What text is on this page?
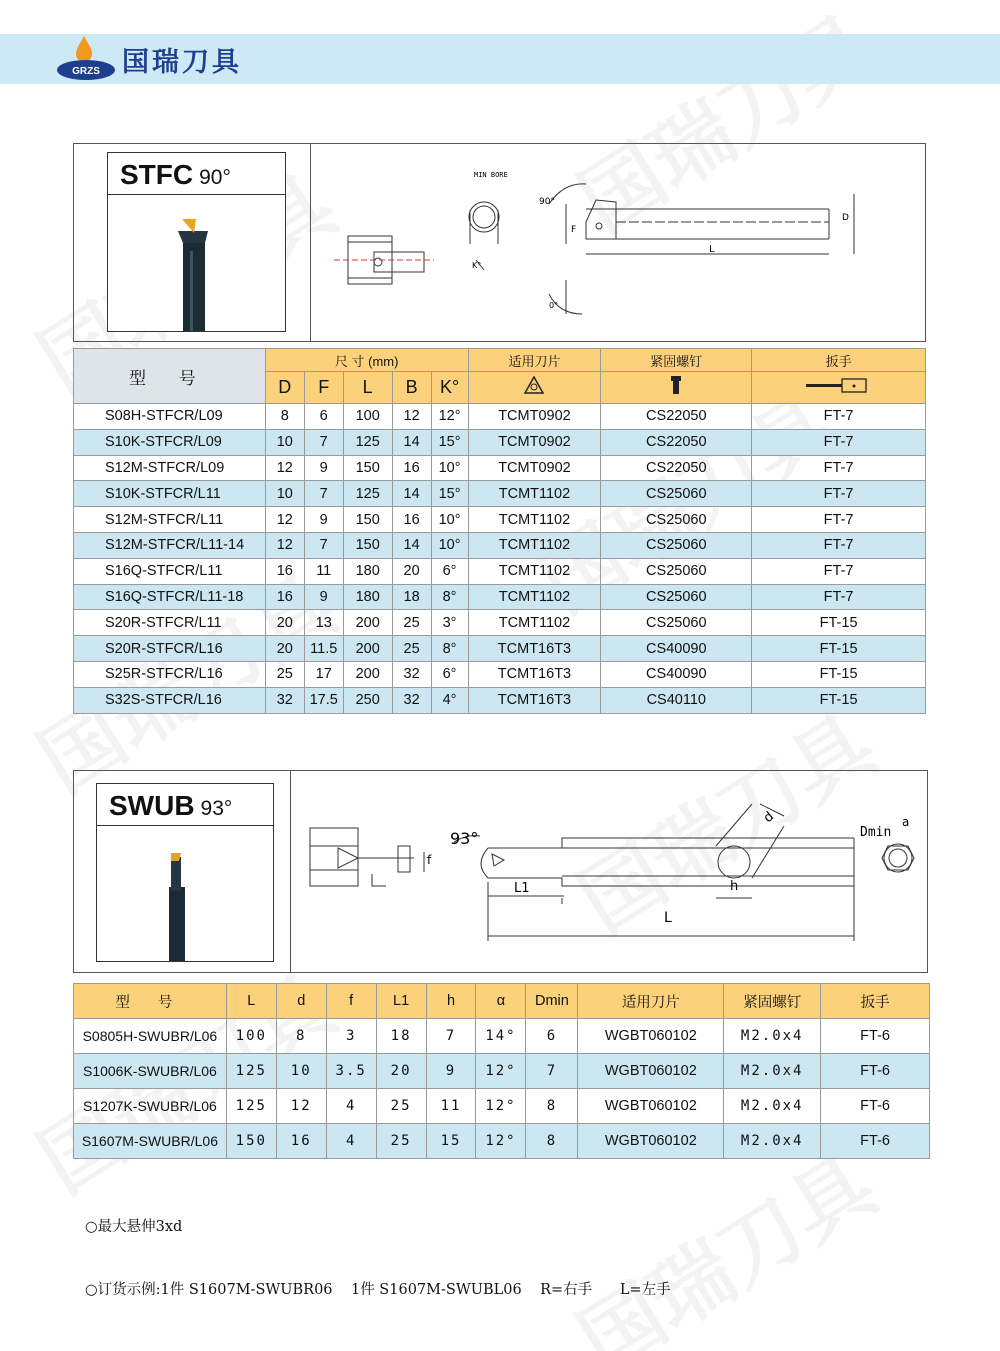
GRZS 国瑞刀具
STFC 90°	MIN BORE
90°
L
D
F
K°
0°
型 号	尺 寸 (mm)					适用刀片	紧固螺钉	扳手
	D	F	L	B	K°			
S08H-STFCR/L09	8	6	100	12	12°	TCMT0902	CS22050	FT-7
S10K-STFCR/L09	10	7	125	14	15°	TCMT0902	CS22050	FT-7
S12M-STFCR/L09	12	9	150	16	10°	TCMT0902	CS22050	FT-7
S10K-STFCR/L11	10	7	125	14	15°	TCMT1102	CS25060	FT-7
S12M-STFCR/L11	12	9	150	16	10°	TCMT1102	CS25060	FT-7
S12M-STFCR/L11-14	12	7	150	14	10°	TCMT1102	CS25060	FT-7
S16Q-STFCR/L11	16	11	180	20	6°	TCMT1102	CS25060	FT-7
S16Q-STFCR/L11-18	16	9	180	18	8°	TCMT1102	CS25060	FT-7
S20R-STFCR/L11	20	13	200	25	3°	TCMT1102	CS25060	FT-15
S20R-STFCR/L16	20	11.5	200	25	8°	TCMT16T3	CS40090	FT-15
S25R-STFCR/L16	25	17	200	32	6°	TCMT16T3	CS40090	FT-15
S32S-STFCR/L16	32	17.5	250	32	4°	TCMT16T3	CS40110	FT-15
SWUB 93°
93°
f
L1
L
h
d
Dmin
a
型 号	L	d	f	L1	h	α	Dmin	适用刀片	紧固螺钉	扳手
S0805H-SWUBR/L06	100	8	3	18	7	14°	6	WGBT060102	M2.0x4	FT-6
S1006K-SWUBR/L06	125	10	3.5	20	9	12°	7	WGBT060102	M2.0x4	FT-6
S1207K-SWUBR/L06	125	12	4	25	11	12°	8	WGBT060102	M2.0x4	FT-6
S1607M-SWUBR/L06	150	16	4	25	15	12°	8	WGBT060102	M2.0x4	FT-6

○最大悬伸3xd

○订货示例:1件 S1607M-SWUBR06    1件 S1607M-SWUBL06    R=右手      L=左手
